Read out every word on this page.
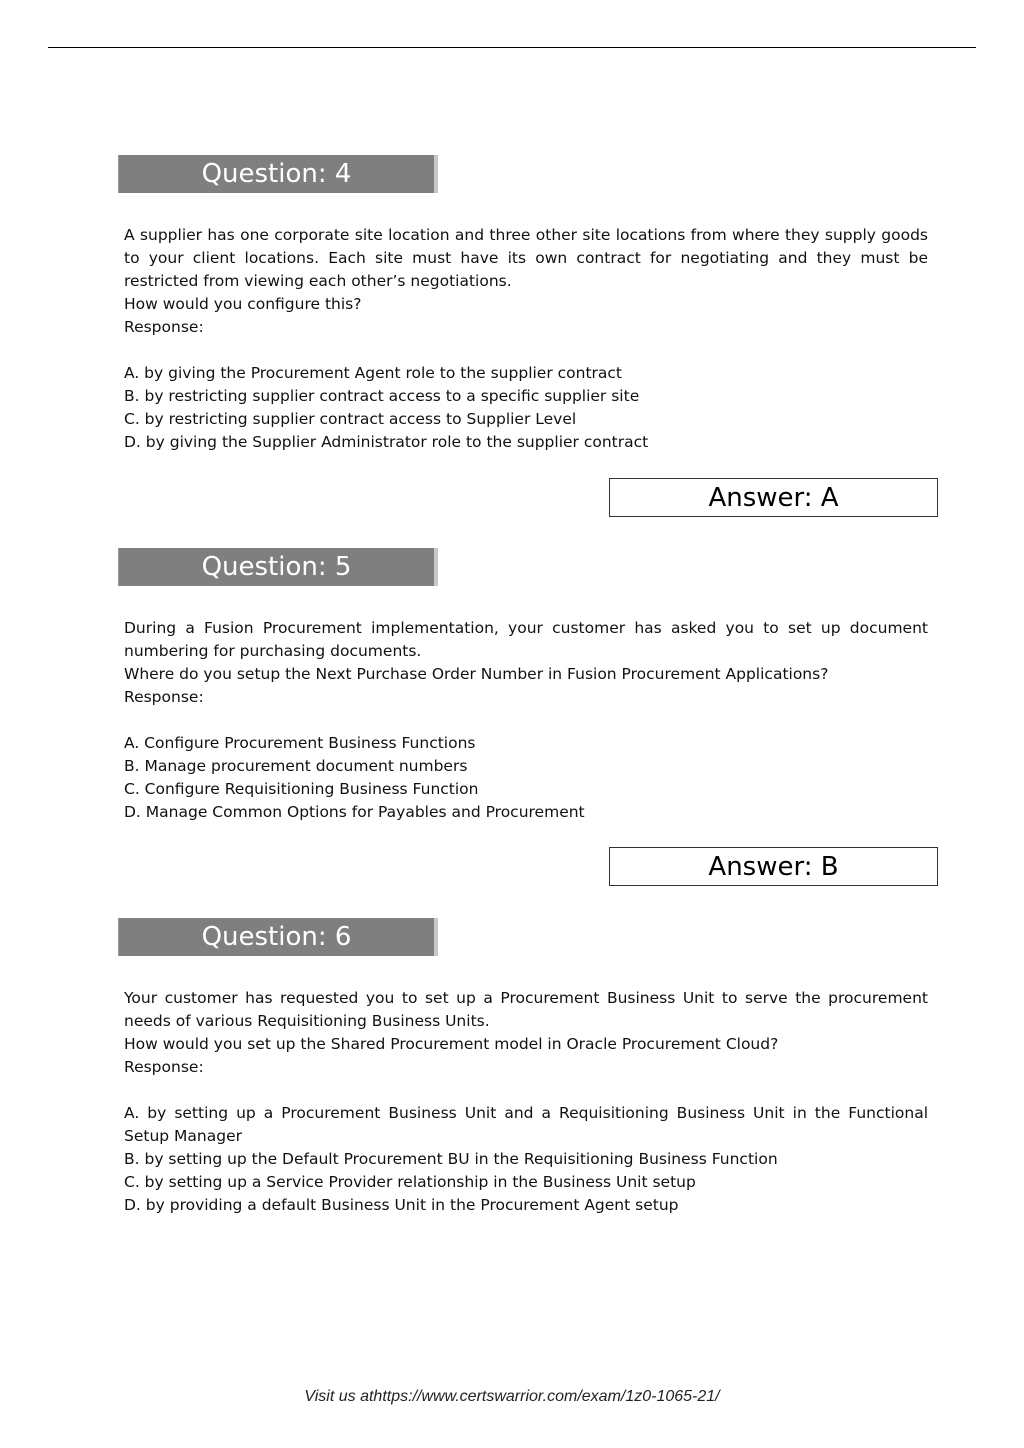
Question: 4

A supplier has one corporate site location and three other site locations from where they supply goods to your client locations. Each site must have its own contract for negotiating and they must be restricted from viewing each other’s negotiations.

How would you configure this?

Response:

A. by giving the Procurement Agent role to the supplier contract

B. by restricting supplier contract access to a specific supplier site

C. by restricting supplier contract access to Supplier Level

D. by giving the Supplier Administrator role to the supplier contract

Answer: A
Question: 5

During a Fusion Procurement implementation, your customer has asked you to set up document numbering for purchasing documents.

Where do you setup the Next Purchase Order Number in Fusion Procurement Applications?

Response:

A. Configure Procurement Business Functions

B. Manage procurement document numbers

C. Configure Requisitioning Business Function

D. Manage Common Options for Payables and Procurement

Answer: B
Question: 6

Your customer has requested you to set up a Procurement Business Unit to serve the procurement needs of various Requisitioning Business Units.

How would you set up the Shared Procurement model in Oracle Procurement Cloud?

Response:

A. by setting up a Procurement Business Unit and a Requisitioning Business Unit in the Functional Setup Manager

B. by setting up the Default Procurement BU in the Requisitioning Business Function

C. by setting up a Service Provider relationship in the Business Unit setup

D. by providing a default Business Unit in the Procurement Agent setup

Visit us athttps://www.certswarrior.com/exam/1z0-1065-21/
